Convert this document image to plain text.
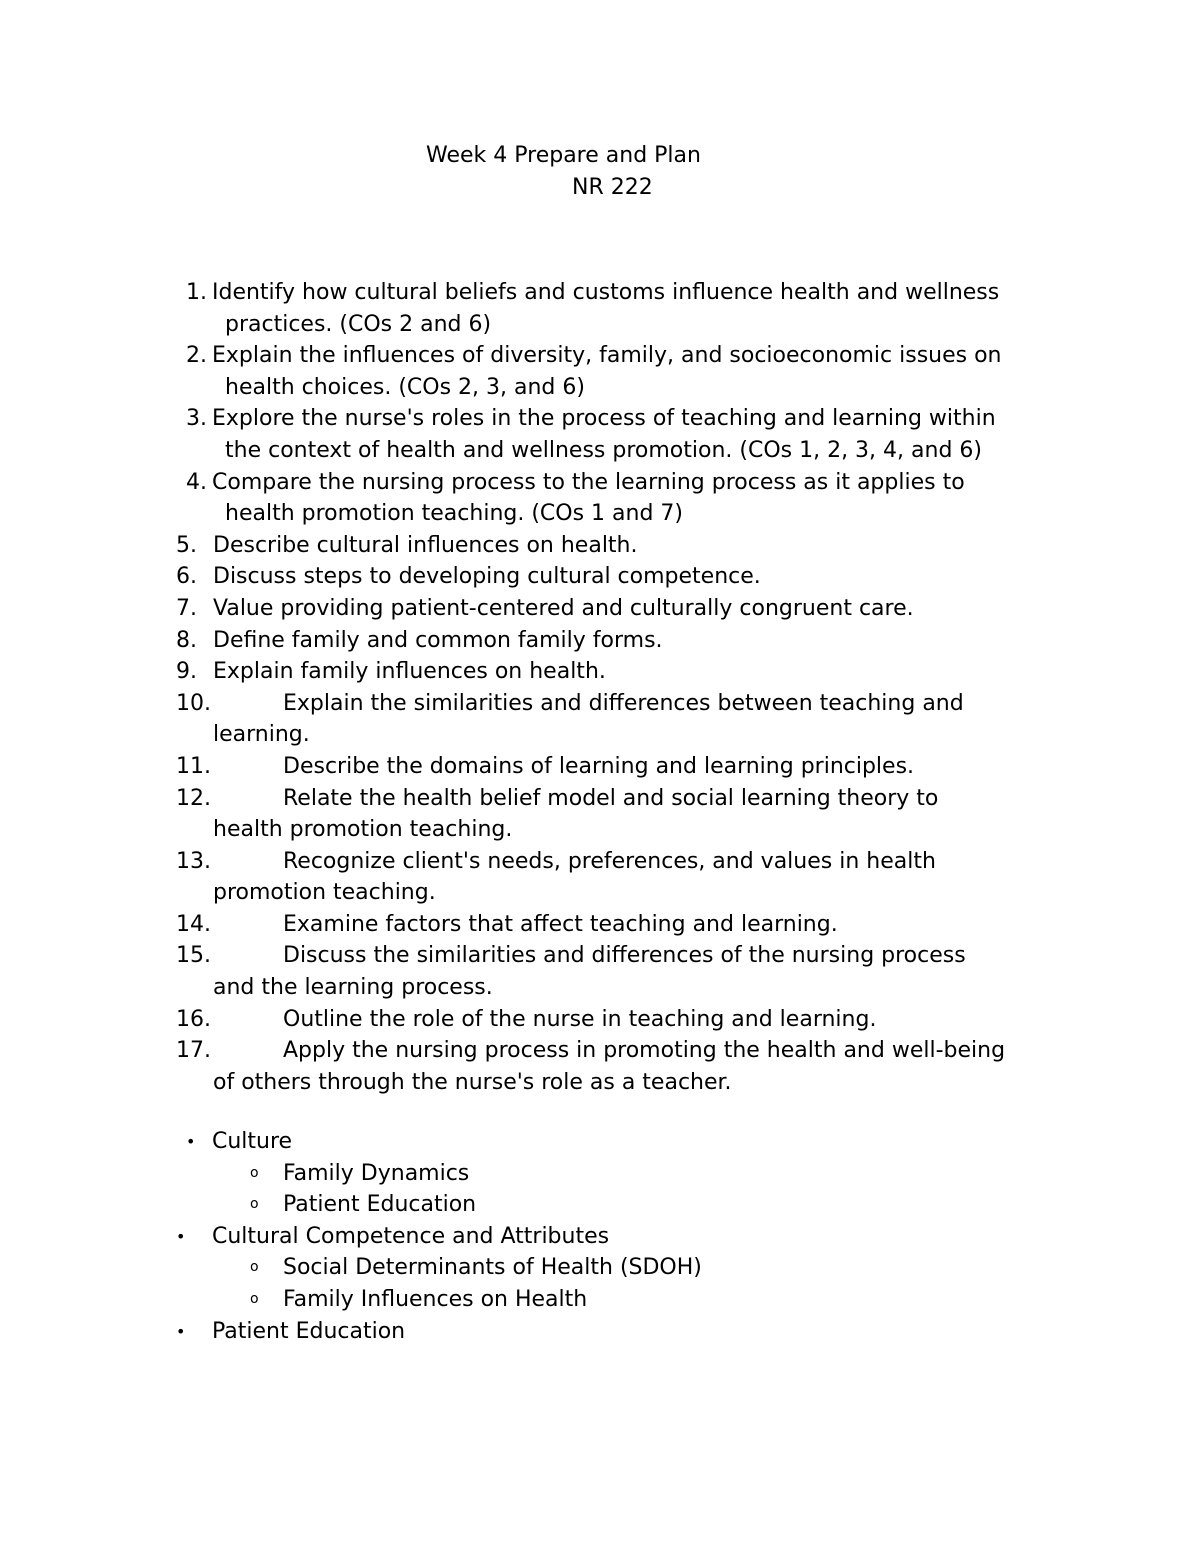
Week 4 Prepare and Plan
NR 222
1. Identify how cultural beliefs and customs influence health and wellness
practices. (COs 2 and 6)
2. Explain the influences of diversity, family, and socioeconomic issues on
health choices. (COs 2, 3, and 6)
3. Explore the nurse's roles in the process of teaching and learning within
the context of health and wellness promotion. (COs 1, 2, 3, 4, and 6)
4. Compare the nursing process to the learning process as it applies to
health promotion teaching. (COs 1 and 7)
5. Describe cultural influences on health.
6. Discuss steps to developing cultural competence.
7. Value providing patient-centered and culturally congruent care.
8. Define family and common family forms.
9. Explain family influences on health.
10.	Explain the similarities and differences between teaching and
learning.
11.	Describe the domains of learning and learning principles.
12.	Relate the health belief model and social learning theory to
health promotion teaching.
13.	Recognize client's needs, preferences, and values in health
promotion teaching.
14.	Examine factors that affect teaching and learning.
15.	Discuss the similarities and differences of the nursing process
and the learning process.
16.	Outline the role of the nurse in teaching and learning.
17.	Apply the nursing process in promoting the health and well-being
of others through the nurse's role as a teacher.
• Culture
o Family Dynamics
o Patient Education
• Cultural Competence and Attributes
o Social Determinants of Health (SDOH)
o Family Influences on Health
• Patient Education
